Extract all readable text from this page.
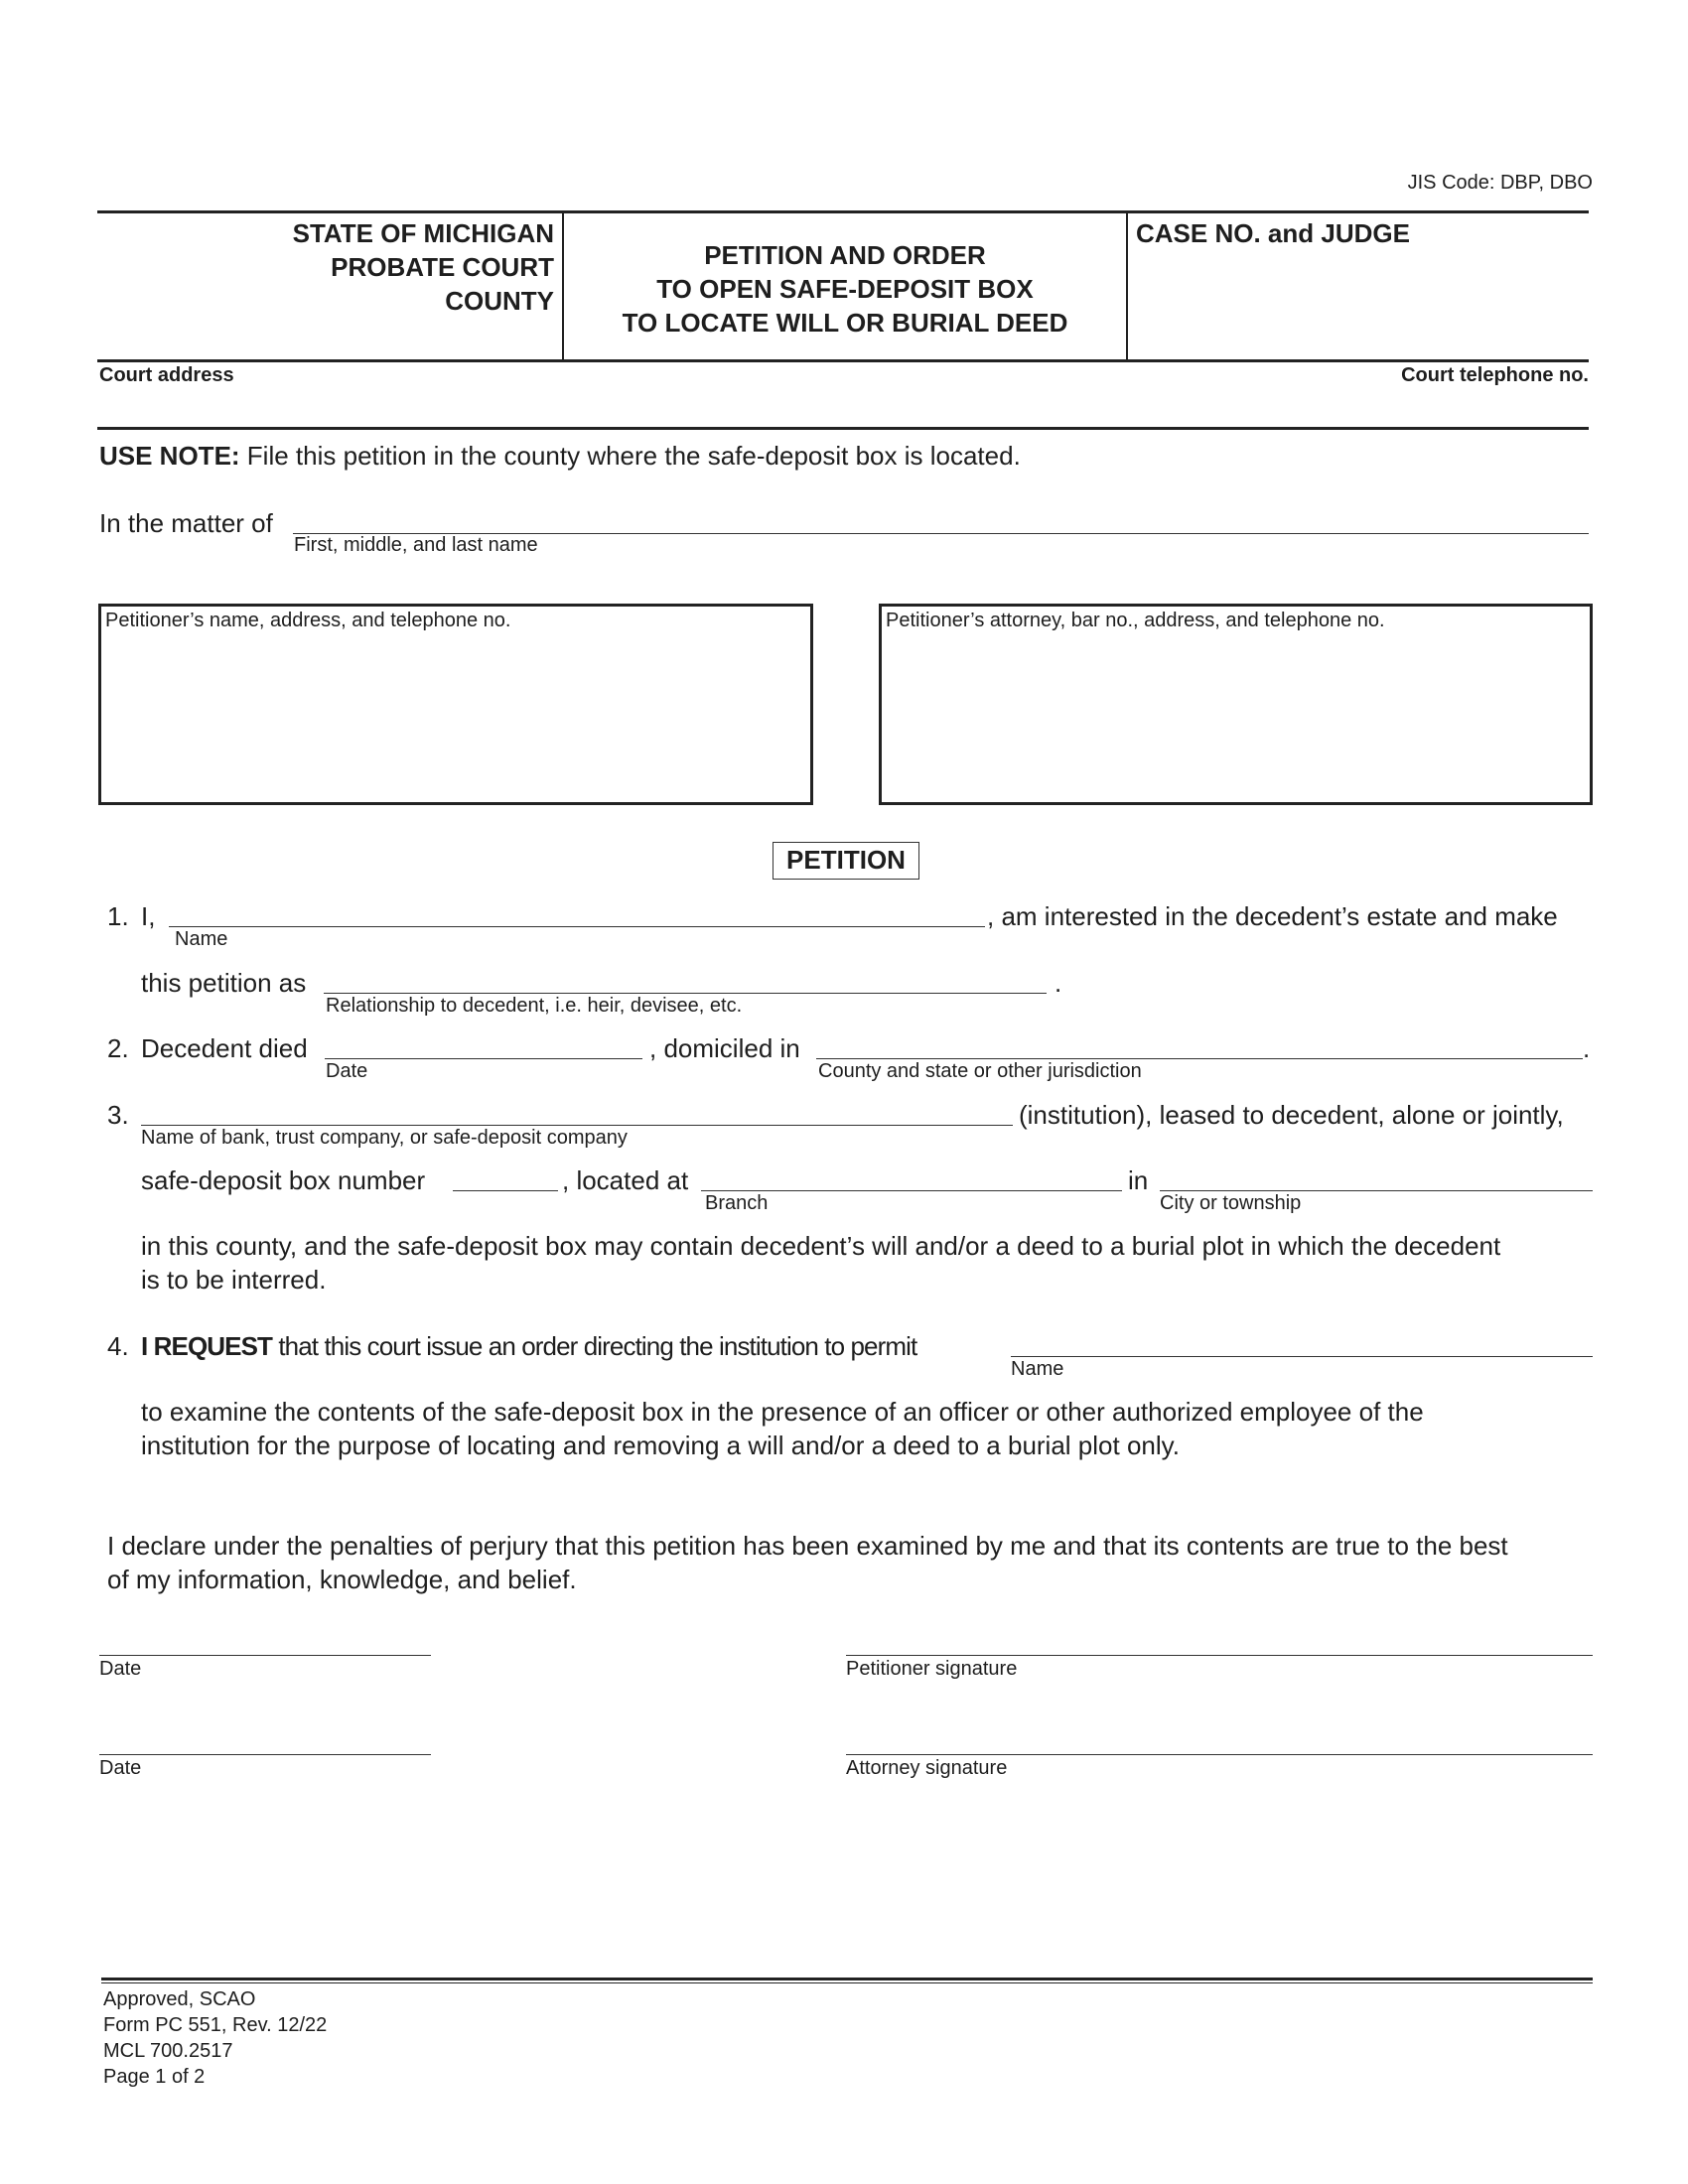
JIS Code: DBP, DBO
STATE OF MICHIGAN
PROBATE COURT
COUNTY
PETITION AND ORDER
TO OPEN SAFE-DEPOSIT BOX
TO LOCATE WILL OR BURIAL DEED
CASE NO. and JUDGE
Court address	Court telephone no.
USE NOTE: File this petition in the county where the safe-deposit box is located.
In the matter of
First, middle, and last name
Petitioner’s name, address, and telephone no.	Petitioner’s attorney, bar no., address, and telephone no.
PETITION
1. I,
Name
, am interested in the decedent’s estate and make
this petition as
Relationship to decedent, i.e. heir, devisee, etc.
.
2. Decedent died
Date
, domiciled in
County and state or other jurisdiction
.
3.
Name of bank, trust company, or safe-deposit company
(institution), leased to decedent, alone or jointly,
safe-deposit box number	, located at
Branch
in
City or township
in this county, and the safe-deposit box may contain decedent’s will and/or a deed to a burial plot in which the decedent
is to be interred.
4. I REQUEST that this court issue an order directing the institution to permit
Name
to examine the contents of the safe-deposit box in the presence of an officer or other authorized employee of the
institution for the purpose of locating and removing a will and/or a deed to a burial plot only.
I declare under the penalties of perjury that this petition has been examined by me and that its contents are true to the best
of my information, knowledge, and belief.
Date	Petitioner signature
Date	Attorney signature
Approved, SCAO
Form PC 551, Rev. 12/22
MCL 700.2517
Page 1 of 2
